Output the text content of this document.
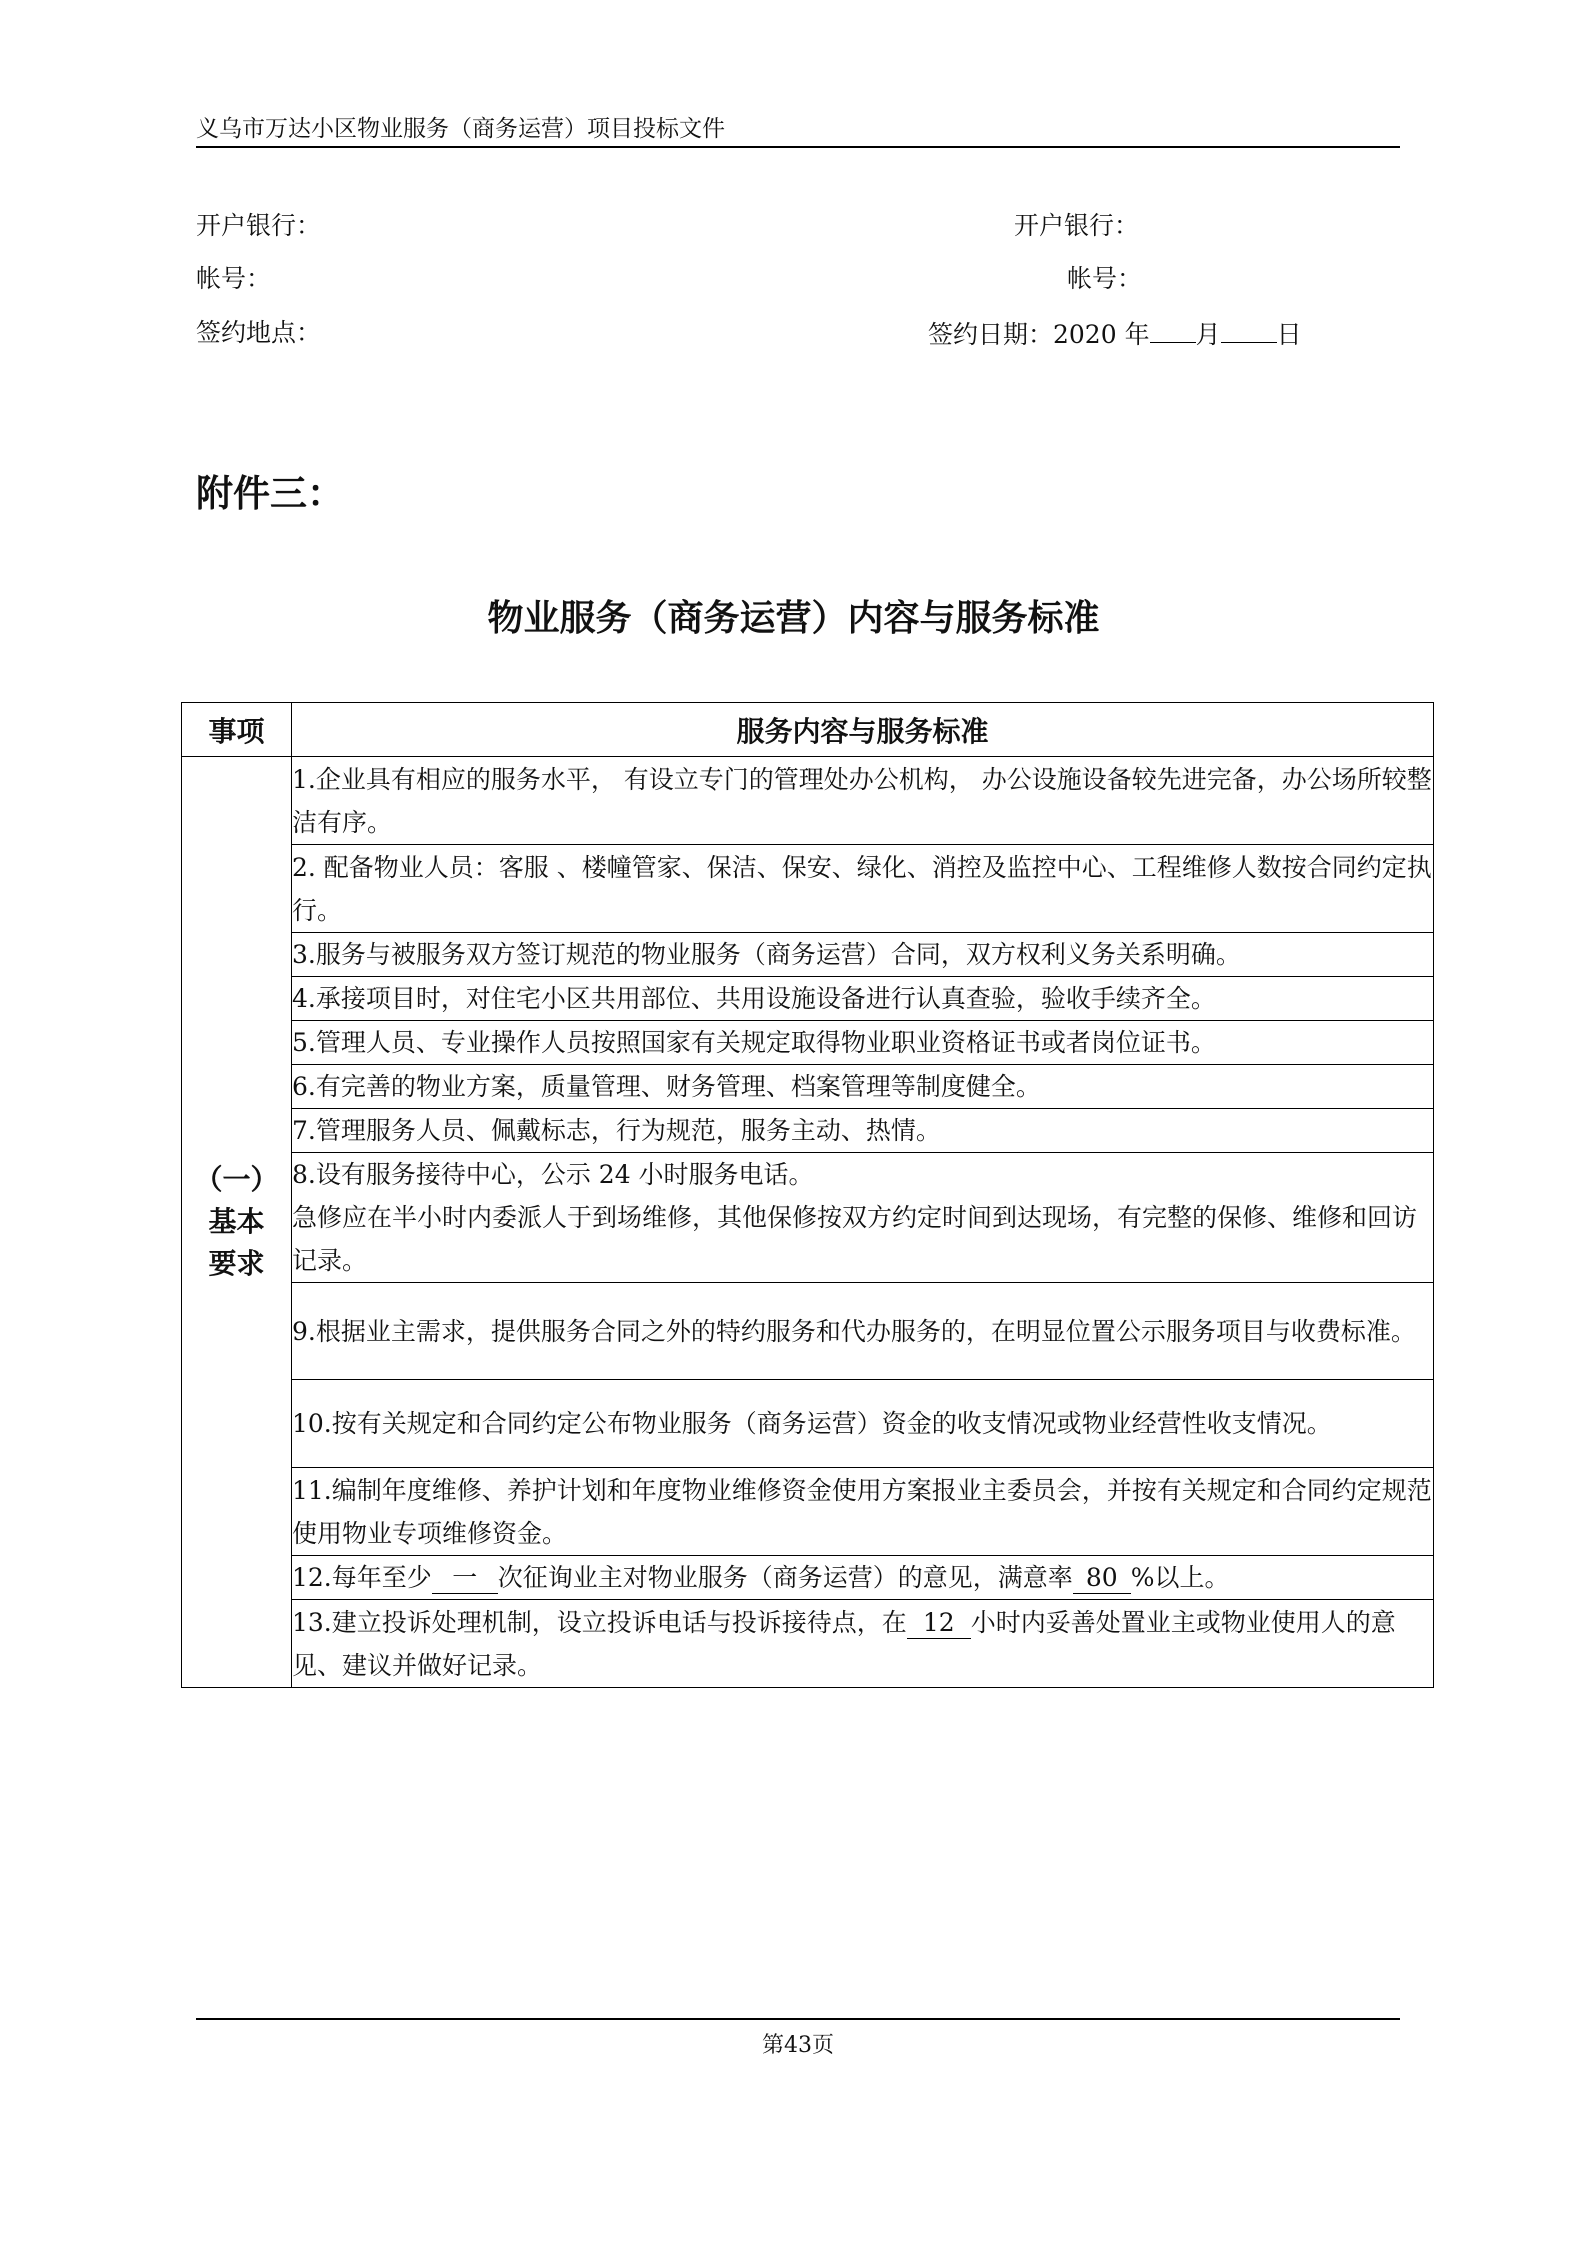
义乌市万达小区物业服务（商务运营）项目投标文件
开户银行：	开户银行：
帐号：	帐号：
签约地点：	签约日期：2020 年 月 日
附件三：
物业服务（商务运营）内容与服务标准
事项	服务内容与服务标准

（一）
基本
要求	1.企业具有相应的服务水平， 有设立专门的管理处办公机构， 办公设施设备较先进完备，办公场所较整洁有序。
	2. 配备物业人员：客服 、楼幢管家、保洁、保安、绿化、消控及监控中心、工程维修人数按合同约定执行。
	3.服务与被服务双方签订规范的物业服务（商务运营）合同，双方权利义务关系明确。
	4.承接项目时，对住宅小区共用部位、共用设施设备进行认真查验，验收手续齐全。
	5.管理人员、专业操作人员按照国家有关规定取得物业职业资格证书或者岗位证书。
	6.有完善的物业方案，质量管理、财务管理、档案管理等制度健全。
	7.管理服务人员、佩戴标志，行为规范，服务主动、热情。

	8.设有服务接待中心，公示 24 小时服务电话。
急修应在半小时内委派人于到场维修，其他保修按双方约定时间到达现场，有完整的保修、维修和回访记录。

	9.根据业主需求，提供服务合同之外的特约服务和代办服务的，在明显位置公示服务项目与收费标准。
	10.按有关规定和合同约定公布物业服务（商务运营）资金的收支情况或物业经营性收支情况。
	11.编制年度维修、养护计划和年度物业维修资金使用方案报业主委员会，并按有关规定和合同约定规范使用物业专项维修资金。
	12.每年至少 一 次征询业主对物业服务（商务运营）的意见，满意率 80 %以上。
	13.建立投诉处理机制，设立投诉电话与投诉接待点，在 12 小时内妥善处置业主或物业使用人的意见、建议并做好记录。
第43页
